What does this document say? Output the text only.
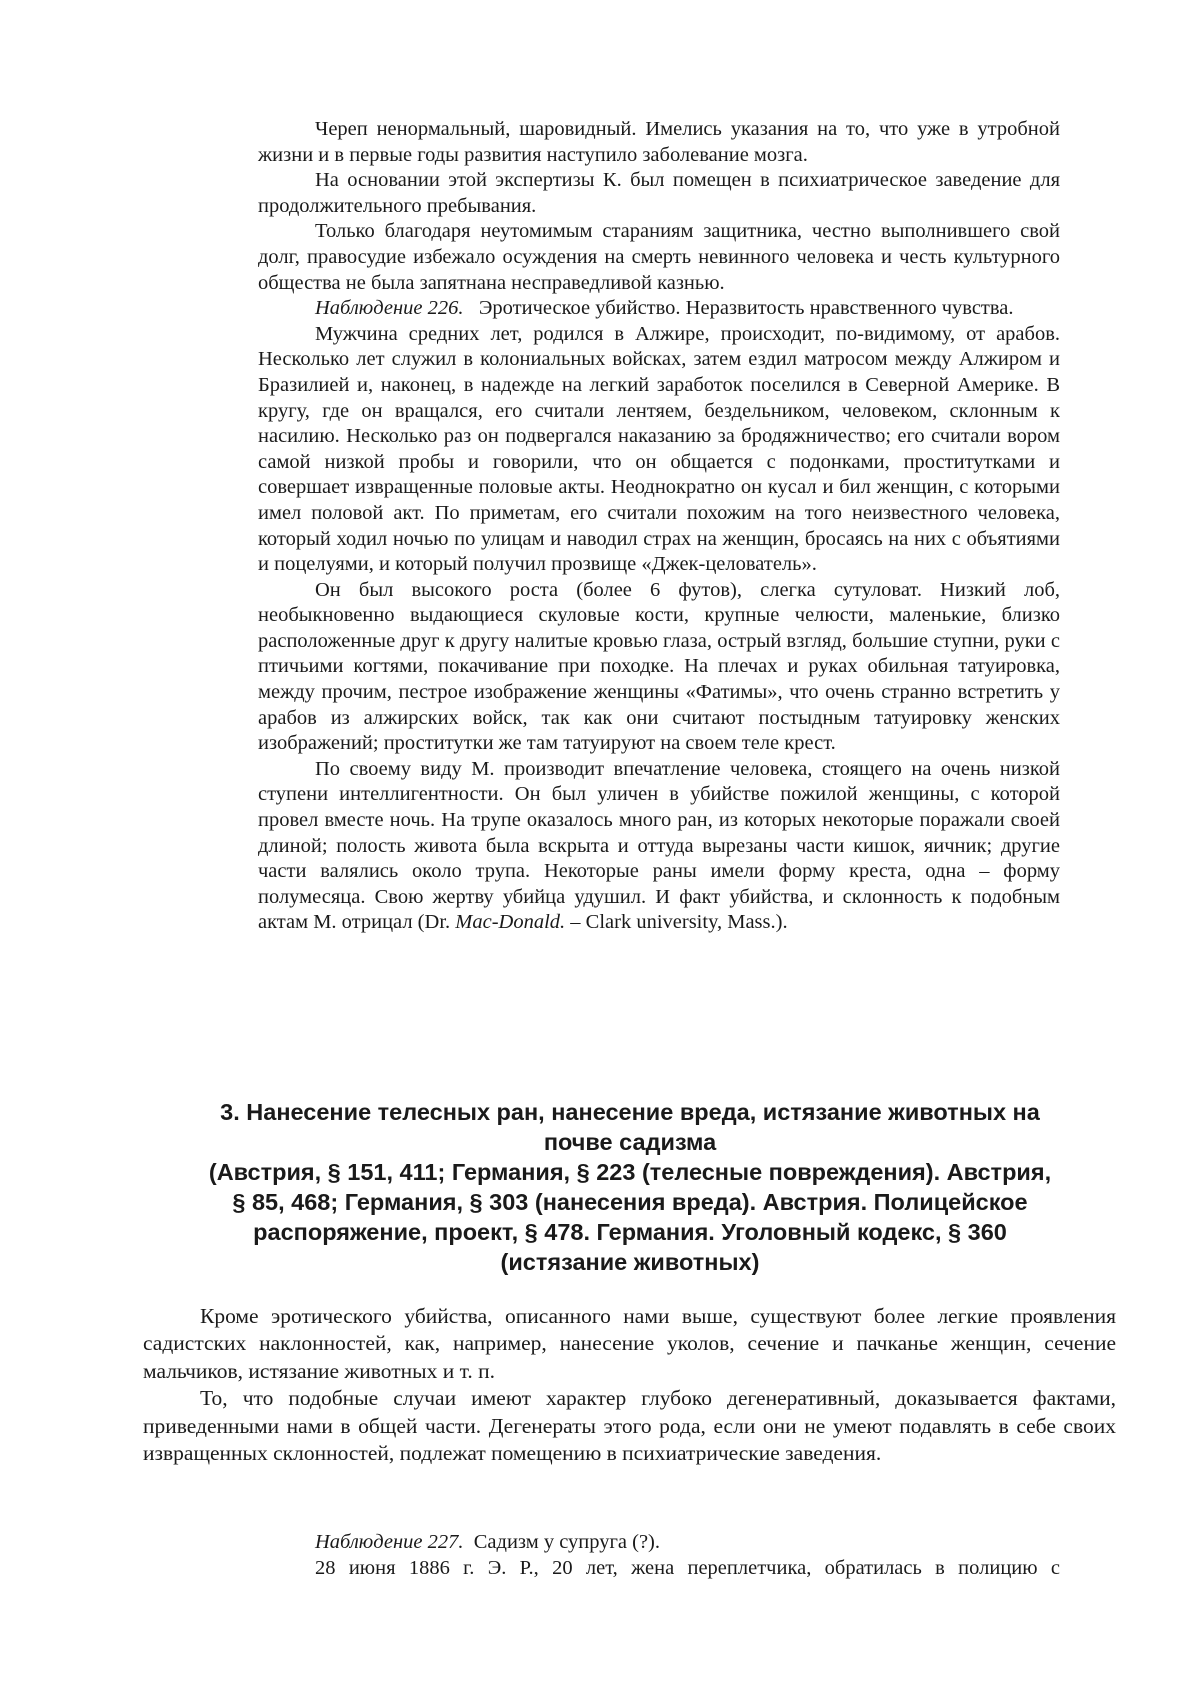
Череп ненормальный, шаровидный. Имелись указания на то, что уже в утробной жизни и в первые годы развития наступило заболевание мозга.

На основании этой экспертизы К. был помещен в психиатрическое заведение для продолжительного пребывания.

Только благодаря неутомимым стараниям защитника, честно выполнившего свой долг, правосудие избежало осуждения на смерть невинного человека и честь культурного общества не была запятнана несправедливой казнью.

Наблюдение 226. Эротическое убийство. Неразвитость нравственного чувства.

Мужчина средних лет, родился в Алжире, происходит, по-видимому, от арабов. Несколько лет служил в колониальных войсках, затем ездил матросом между Алжиром и Бразилией и, наконец, в надежде на легкий заработок поселился в Северной Америке. В кругу, где он вращался, его считали лентяем, бездельником, человеком, склонным к насилию. Несколько раз он подвергался наказанию за бродяжничество; его считали вором самой низкой пробы и говорили, что он общается с подонками, проститутками и совершает извращенные половые акты. Неоднократно он кусал и бил женщин, с которыми имел половой акт. По приметам, его считали похожим на того неизвестного человека, который ходил ночью по улицам и наводил страх на женщин, бросаясь на них с объятиями и поцелуями, и который получил прозвище «Джек-целователь».

Он был высокого роста (более 6 футов), слегка сутуловат. Низкий лоб, необыкновенно выдающиеся скуловые кости, крупные челюсти, маленькие, близко расположенные друг к другу налитые кровью глаза, острый взгляд, большие ступни, руки с птичьими когтями, покачивание при походке. На плечах и руках обильная татуировка, между прочим, пестрое изображение женщины «Фатимы», что очень странно встретить у арабов из алжирских войск, так как они считают постыдным татуировку женских изображений; проститутки же там татуируют на своем теле крест.

По своему виду М. производит впечатление человека, стоящего на очень низкой ступени интеллигентности. Он был уличен в убийстве пожилой женщины, с которой провел вместе ночь. На трупе оказалось много ран, из которых некоторые поражали своей длиной; полость живота была вскрыта и оттуда вырезаны части кишок, яичник; другие части валялись около трупа. Некоторые раны имели форму креста, одна – форму полумесяца. Свою жертву убийца удушил. И факт убийства, и склонность к подобным актам М. отрицал (Dr. Mac-Donald. – Clark university, Mass.).

3. Нанесение телесных ран, нанесение вреда, истязание животных на
почве садизма
(Австрия, § 151, 411; Германия, § 223 (телесные повреждения). Австрия,
§ 85, 468; Германия, § 303 (нанесения вреда). Австрия. Полицейское
распоряжение, проект, § 478. Германия. Уголовный кодекс, § 360
(истязание животных)

Кроме эротического убийства, описанного нами выше, существуют более легкие проявления садистских наклонностей, как, например, нанесение уколов, сечение и пачканье женщин, сечение мальчиков, истязание животных и т. п.

То, что подобные случаи имеют характер глубоко дегенеративный, доказывается фактами, приведенными нами в общей части. Дегенераты этого рода, если они не умеют подавлять в себе своих извращенных склонностей, подлежат помещению в психиатрические заведения.

Наблюдение 227. Садизм у супруга (?).

28 июня 1886 г. Э. Р., 20 лет, жена переплетчика, обратилась в полицию с
